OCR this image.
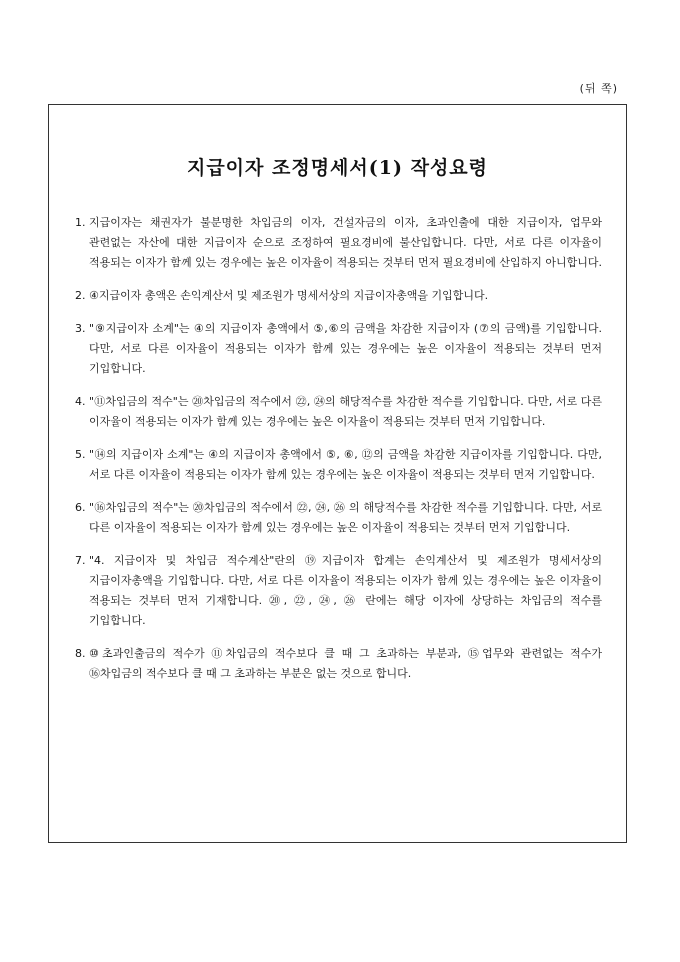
(뒤 쪽)
지급이자 조정명세서(1) 작성요령
1. 지급이자는 채권자가 불분명한 차입금의 이자, 건설자금의 이자, 초과인출에 대한 지급이자, 업무와 관련없는 자산에 대한 지급이자 순으로 조정하여 필요경비에 불산입합니다. 다만, 서로 다른 이자율이 적용되는 이자가 함께 있는 경우에는 높은 이자율이 적용되는 것부터 먼저 필요경비에 산입하지 아니합니다.
2. ④지급이자 총액은 손익계산서 및 제조원가 명세서상의 지급이자총액을 기입합니다.
3. "⑨지급이자 소계"는 ④의 지급이자 총액에서 ⑤,⑥의 금액을 차감한 지급이자 (⑦의 금액)를 기입합니다. 다만, 서로 다른 이자율이 적용되는 이자가 함께 있는 경우에는 높은 이자율이 적용되는 것부터 먼저 기입합니다.
4. "⑪차입금의 적수"는 ⑳차입금의 적수에서 ㉒, ㉔의 해당적수를 차감한 적수를 기입합니다. 다만, 서로 다른 이자율이 적용되는 이자가 함께 있는 경우에는 높은 이자율이 적용되는 것부터 먼저 기입합니다.
5. "⑭의 지급이자 소계"는 ④의 지급이자 총액에서 ⑤, ⑥, ⑫의 금액을 차감한 지급이자를 기입합니다. 다만, 서로 다른 이자율이 적용되는 이자가 함께 있는 경우에는 높은 이자율이 적용되는 것부터 먼저 기입합니다.
6. "⑯차입금의 적수"는 ⑳차입금의 적수에서 ㉒, ㉔, ㉖ 의 해당적수를 차감한 적수를 기입합니다. 다만, 서로 다른 이자율이 적용되는 이자가 함께 있는 경우에는 높은 이자율이 적용되는 것부터 먼저 기입합니다.
7. "4. 지급이자 및 차입금 적수계산"란의 ⑲지급이자 합계는 손익계산서 및 제조원가 명세서상의 지급이자총액을 기입합니다. 다만, 서로 다른 이자율이 적용되는 이자가 함께 있는 경우에는 높은 이자율이 적용되는 것부터 먼저 기재합니다. ⑳, ㉒, ㉔, ㉖ 란에는 해당 이자에 상당하는 차입금의 적수를 기입합니다.
8. ⑩초과인출금의 적수가 ⑪차입금의 적수보다 클 때 그 초과하는 부분과, ⑮업무와 관련없는 적수가 ⑯차입금의 적수보다 클 때 그 초과하는 부분은 없는 것으로 합니다.
